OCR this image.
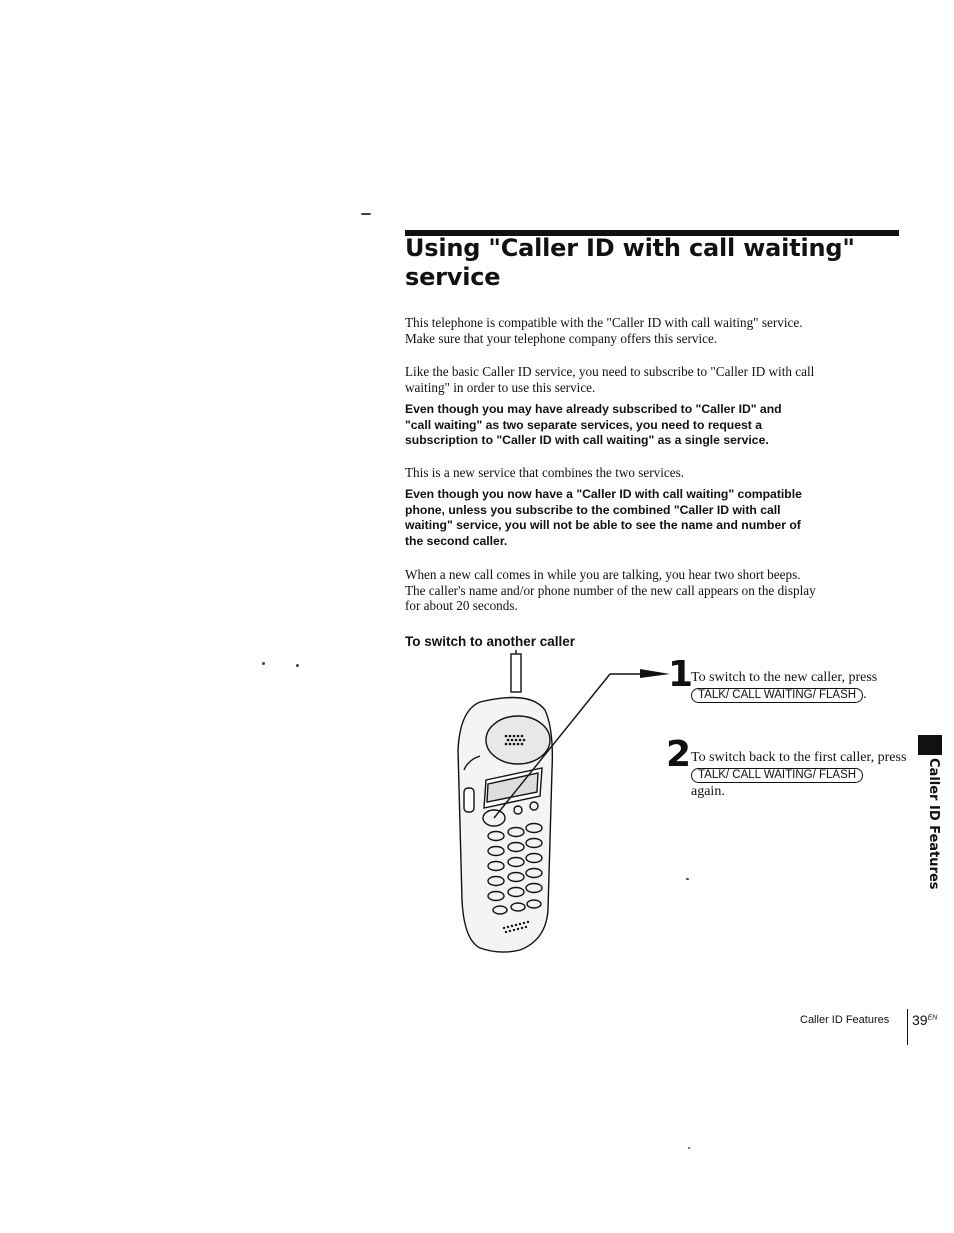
Using "Caller ID with call waiting"
service
This telephone is compatible with the "Caller ID with call waiting" service. Make sure that your telephone company offers this service.
Like the basic Caller ID service, you need to subscribe to "Caller ID with call waiting" in order to use this service.
Even though you may have already subscribed to "Caller ID" and "call waiting" as two separate services, you need to request a subscription to "Caller ID with call waiting" as a single service.
This is a new service that combines the two services.
Even though you now have a "Caller ID with call waiting" compatible phone, unless you subscribe to the combined "Caller ID with call waiting" service, you will not be able to see the name and number of the second caller.
When a new call comes in while you are talking, you hear two short beeps. The caller's name and/or phone number of the new call appears on the display for about 20 seconds.
To switch to another caller
1
To switch to the new caller, press
TALK/ CALL WAITING/ FLASH .
2 To switch back to the first caller, press
TALK/ CALL WAITING/ FLASH
again.	Caller ID Features
Caller ID Features $39^{EN}$
